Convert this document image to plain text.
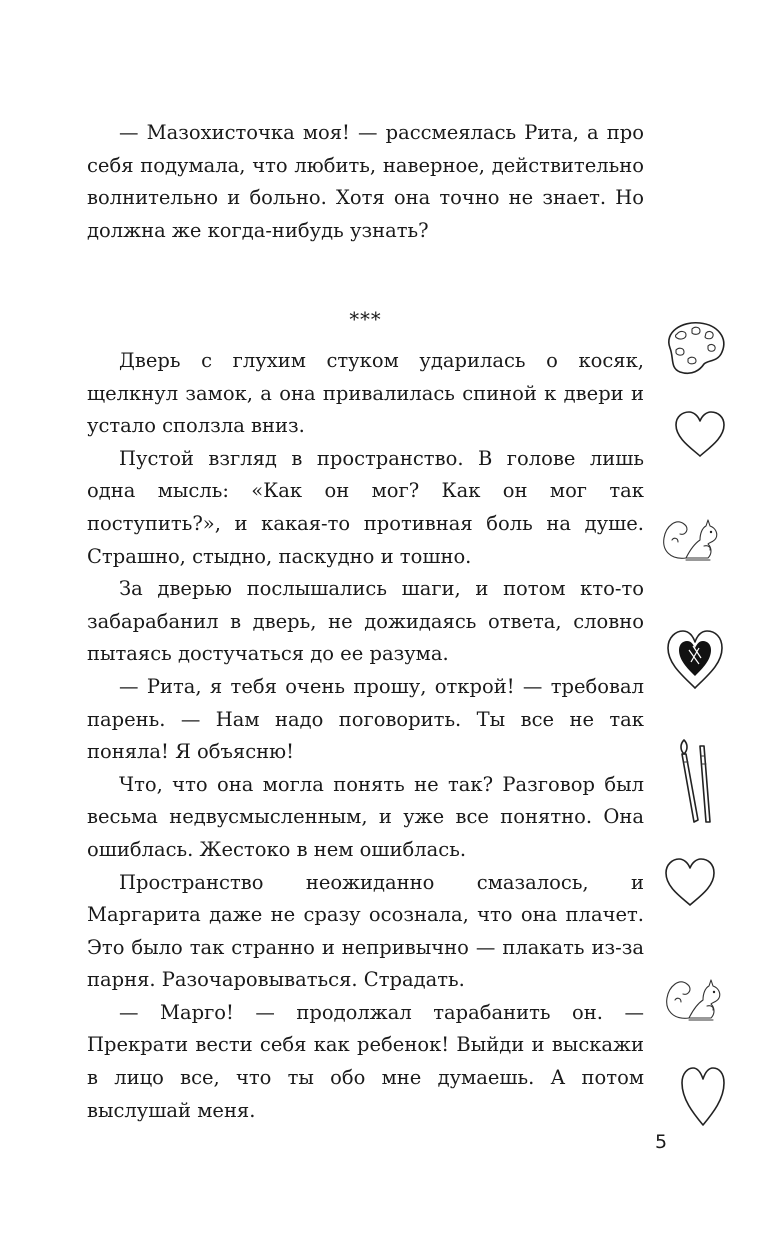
— Мазохисточка моя! — рассмеялась Рита, а про себя подумала, что любить, наверное, действительно волнительно и больно. Хотя она точно не знает. Но должна же когда-нибудь узнать?

***

Дверь с глухим стуком ударилась о косяк, щелкнул замок, а она привалилась спиной к двери и устало сползла вниз.

Пустой взгляд в пространство. В голове лишь одна мысль: «Как он мог? Как он мог так поступить?», и какая-то противная боль на душе. Страшно, стыдно, паскудно и тошно.

За дверью послышались шаги, и потом кто-то забарабанил в дверь, не дожидаясь ответа, словно пытаясь достучаться до ее разума.

— Рита, я тебя очень прошу, открой! — требовал парень. — Нам надо поговорить. Ты все не так поняла! Я объясню!

Что, что она могла понять не так? Разговор был весьма недвусмысленным, и уже все понятно. Она ошиблась. Жестоко в нем ошиблась.

Пространство неожиданно смазалось, и Маргарита даже не сразу осознала, что она плачет. Это было так странно и непривычно — плакать из-за парня. Разочаровываться. Страдать.

— Марго! — продолжал тарабанить он. — Прекрати вести себя как ребенок! Выйди и выскажи в лицо все, что ты обо мне думаешь. А потом выслушай меня.

5
